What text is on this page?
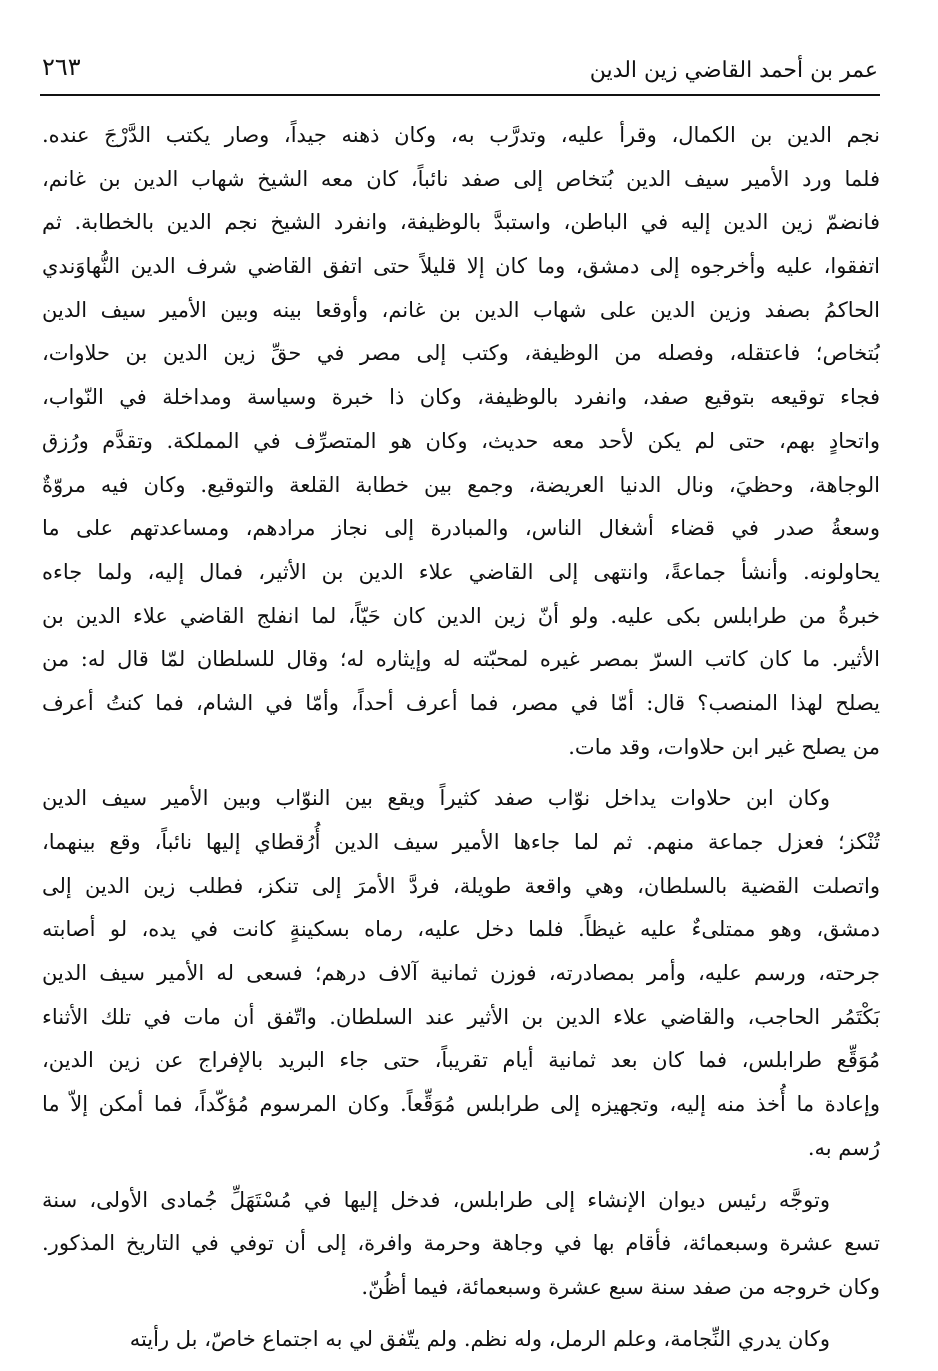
عمر بن أحمد القاضي زين الدين
٢٦٣
نجم الدين بن الكمال، وقرأ عليه، وتدرَّب به، وكان ذهنه جيداً، وصار يكتب الدَّرْجَ عنده.
فلما ورد الأمير سيف الدين بُتخاص إلى صفد نائباً، كان معه الشيخ شهاب الدين بن غانم،
فانضمّ زين الدين إليه في الباطن، واستبدَّ بالوظيفة، وانفرد الشيخ نجم الدين بالخطابة. ثم
اتفقوا، عليه وأخرجوه إلى دمشق، وما كان إلا قليلاً حتى اتفق القاضي شرف الدين النُّهاوَندي
الحاكمُ بصفد وزين الدين على شهاب الدين بن غانم، وأوقعا بينه وبين الأمير سيف الدين
بُتخاص؛ فاعتقله، وفصله من الوظيفة، وكتب إلى مصر في حقِّ زين الدين بن حلاوات،
فجاء توقيعه بتوقيع صفد، وانفرد بالوظيفة، وكان ذا خبرة وسياسة ومداخلة في النّواب،
واتحادٍ بهم، حتى لم يكن لأحد معه حديث، وكان هو المتصرِّف في المملكة. وتقدَّم ورُزق
الوجاهة، وحظيَ، ونال الدنيا العريضة، وجمع بين خطابة القلعة والتوقيع. وكان فيه مروّةٌ
وسعةُ صدر في قضاء أشغال الناس، والمبادرة إلى نجاز مرادهم، ومساعدتهم على ما
يحاولونه. وأنشأ جماعةً، وانتهى إلى القاضي علاء الدين بن الأثير، فمال إليه، ولما جاءه
خبرةُ من طرابلس بكى عليه. ولو أنّ زين الدين كان حَيّاً، لما انفلج القاضي علاء الدين بن
الأثير. ما كان كاتب السرّ بمصر غيره لمحبّته له وإيثاره له؛ وقال للسلطان لمّا قال له: من
يصلح لهذا المنصب؟ قال: أمّا في مصر، فما أعرف أحداً، وأمّا في الشام، فما كنتُ أعرف
من يصلح غير ابن حلاوات، وقد مات.
وكان ابن حلاوات يداخل نوّاب صفد كثيراً ويقع بين النوّاب وبين الأمير سيف الدين
تُنْكز؛ فعزل جماعة منهم. ثم لما جاءها الأمير سيف الدين أُرُقطاي إليها نائباً، وقع بينهما،
واتصلت القضية بالسلطان، وهي واقعة طويلة، فردَّ الأمرَ إلى تنكز، فطلب زين الدين إلى
دمشق، وهو ممتلىءٌ عليه غيظاً. فلما دخل عليه، رماه بسكينةٍ كانت في يده، لو أصابته
جرحته، ورسم عليه، وأمر بمصادرته، فوزن ثمانية آلاف درهم؛ فسعى له الأمير سيف الدين
بَكْتَمُر الحاجب، والقاضي علاء الدين بن الأثير عند السلطان. واتّفق أن مات في تلك الأثناء
مُوَقِّع طرابلس، فما كان بعد ثمانية أيام تقريباً، حتى جاء البريد بالإفراج عن زين الدين،
وإعادة ما أُخذ منه إليه، وتجهيزه إلى طرابلس مُوَقِّعاً. وكان المرسوم مُؤكّداً، فما أمكن إلاّ ما
رُسم به.
وتوجَّه رئيس ديوان الإنشاء إلى طرابلس، فدخل إليها في مُسْتَهَلِّ جُمادى الأولى، سنة
تسع عشرة وسبعمائة، فأقام بها في وجاهة وحرمة وافرة، إلى أن توفي في التاريخ المذكور.
وكان خروجه من صفد سنة سبع عشرة وسبعمائة، فيما أظُنّ.
وكان يدري النِّجامة، وعلم الرمل، وله نظم. ولم يتّفق لي به اجتماع خاصّ، بل رأيته
